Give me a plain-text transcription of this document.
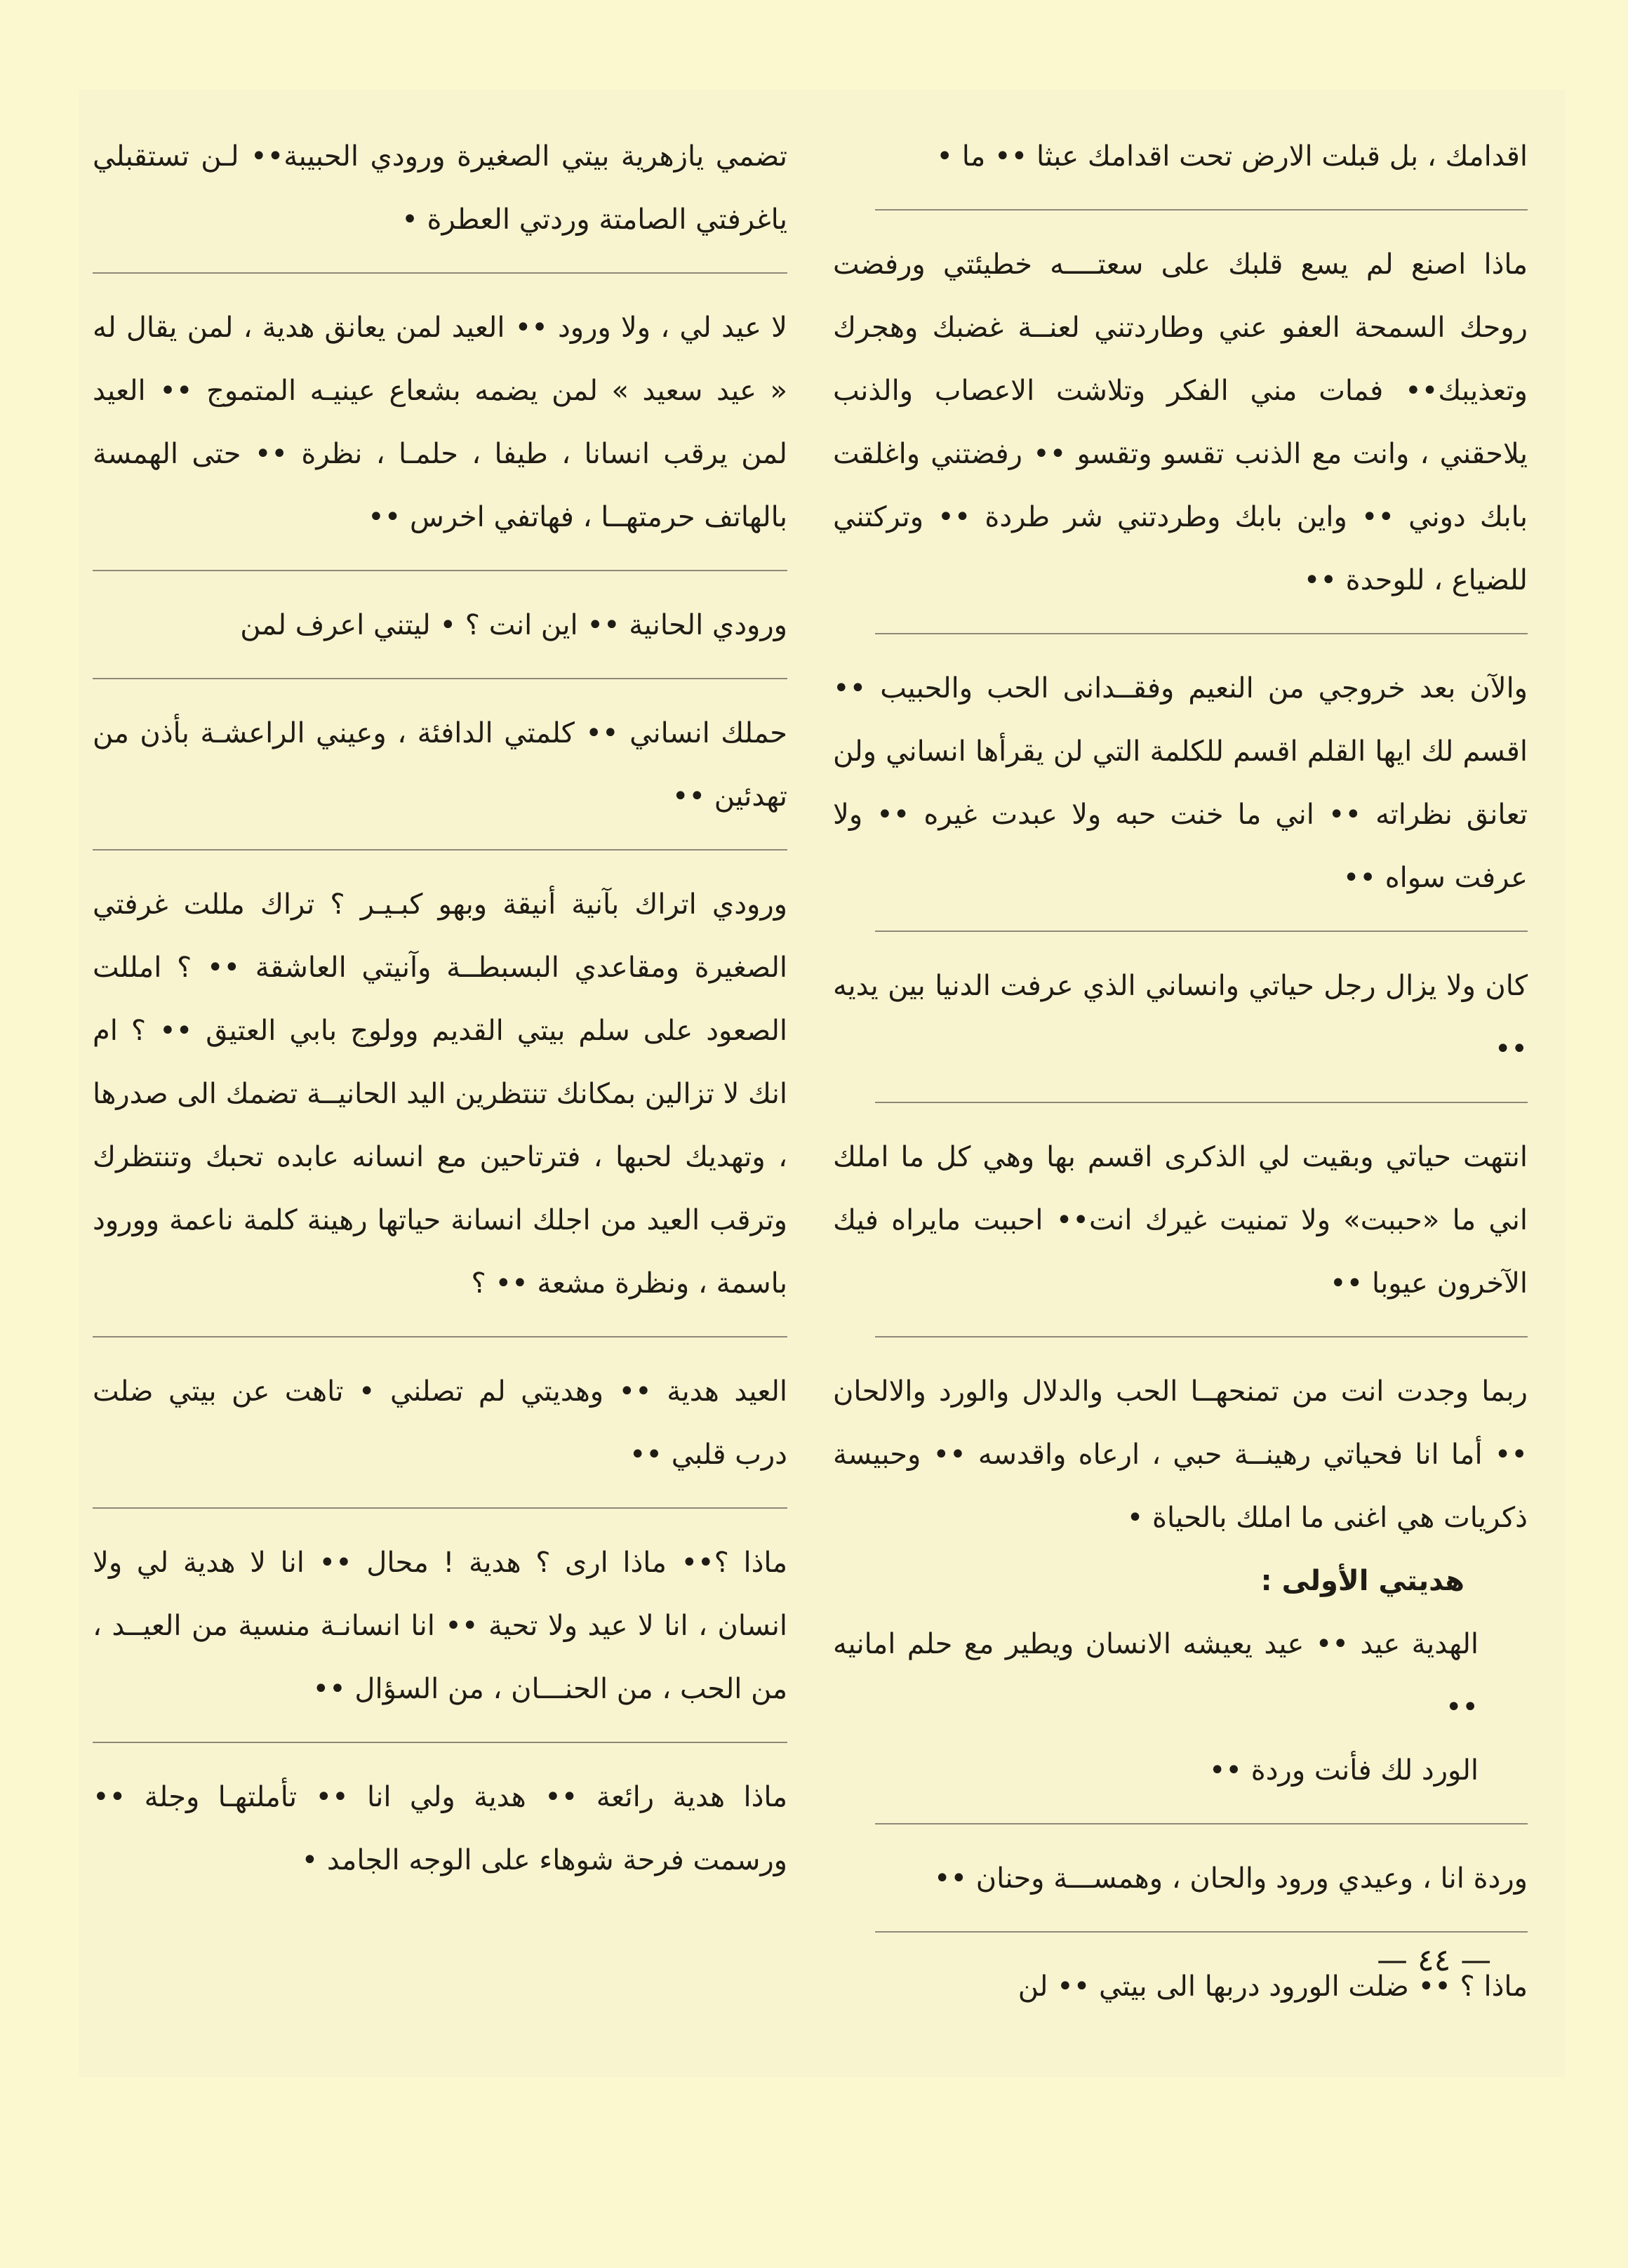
اقدامك ، بل قبلت الارض تحت اقدامك عبثا •• ما •

ماذا اصنع لم يسع قلبك على سعتــــه خطيئتي ورفضت روحك السمحة العفو عني وطاردتني لعنــة غضبك وهجرك وتعذيبك•• فمات مني الفكر وتلاشت الاعصاب والذنب يلاحقني ، وانت مع الذنب تقسو وتقسو •• رفضتني واغلقت بابك دوني •• واين بابك وطردتني شر طردة •• وتركتني للضياع ، للوحدة ••

والآن بعد خروجي من النعيم وفقــدانى الحب والحبيب •• اقسم لك ايها القلم اقسم للكلمة التي لن يقرأها انساني ولن تعانق نظراته •• اني ما خنت حبه ولا عبدت غيره •• ولا عرفت سواه ••

كان ولا يزال رجل حياتي وانساني الذي عرفت الدنيا بين يديه ••

انتهت حياتي وبقيت لي الذكرى اقسم بها وهي كل ما املك اني ما «حببت» ولا تمنيت غيرك انت•• احببت مايراه فيك الآخرون عيوبا ••

ربما وجدت انت من تمنحهــا الحب والدلال والورد والالحان •• أما انا فحياتي رهينــة حبي ، ارعاه واقدسه •• وحبيسة ذكريات هي اغنى ما املك بالحياة •

هديتي الأولى :

الهدية عيد •• عيد يعيشه الانسان ويطير مع حلم امانيه ••

الورد لك فأنت وردة ••

وردة انا ، وعيدي ورود والحان ، وهمســـة وحنان ••

ماذا ؟ •• ضلت الورود دربها الى بيتي •• لن

تضمي يازهرية بيتي الصغيرة ورودي الحبيبة•• لـن تستقبلي ياغرفتي الصامتة وردتي العطرة •

لا عيد لي ، ولا ورود •• العيد لمن يعانق هدية ، لمن يقال له « عيد سعيد » لمن يضمه بشعاع عينيـه المتموج •• العيد لمن يرقب انسانا ، طيفا ، حلمـا ، نظرة •• حتى الهمسة بالهاتف حرمتهــا ، فهاتفي اخرس ••

ورودي الحانية •• اين انت ؟ • ليتني اعرف لمن

حملك انساني •• كلمتي الدافئة ، وعيني الراعشـة بأذن من تهدئين ••

ورودي اتراك بآنية أنيقة وبهو كبـيـر ؟ تراك مللت غرفتي الصغيرة ومقاعدي البسبطــة وآنيتي العاشقة •• ؟ امللت الصعود على سلم بيتي القديم وولوج بابي العتيق •• ؟ ام انك لا تزالين بمكانك تنتظرين اليد الحانيــة تضمك الى صدرها ، وتهديك لحبها ، فترتاحين مع انسانه عابده تحبك وتنتظرك وترقب العيد من اجلك انسانة حياتها رهينة كلمة ناعمة وورود باسمة ، ونظرة مشعة •• ؟

العيد هدية •• وهديتي لم تصلني • تاهت عن بيتي ضلت درب قلبي ••

ماذا ؟•• ماذا ارى ؟ هدية ! محال •• انا لا هدية لي ولا انسان ، انا لا عيد ولا تحية •• انا انسانـة منسية من العيــد ، من الحب ، من الحنـــان ، من السؤال ••

ماذا هدية رائعة •• هدية ولي انا •• تأملتهـا وجلة •• ورسمت فرحة شوهاء على الوجه الجامد •

— ٤٤ —
